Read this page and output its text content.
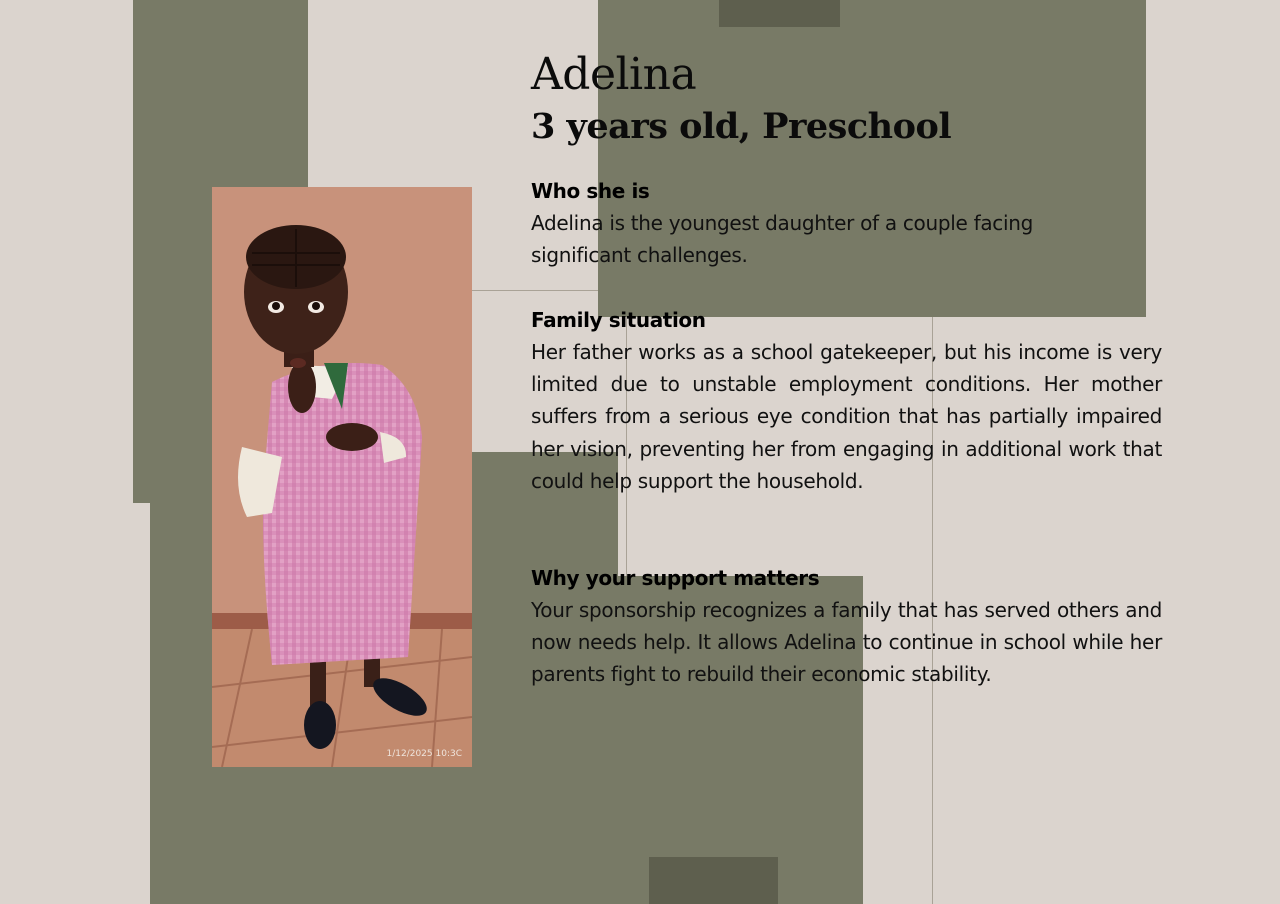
1/12/2025 10:3C
Adelina
3 years old, Preschool
Who she is

Adelina is the youngest daughter of a couple facing significant challenges.

Family situation

Her father works as a school gatekeeper, but his income is very limited due to unstable employment conditions. Her mother suffers from a serious eye condition that has partially impaired her vision, preventing her from engaging in additional work that could help support the household.

Why your support matters

Your sponsorship recognizes a family that has served others and now needs help. It allows Adelina to continue in school while her parents fight to rebuild their economic stability.
